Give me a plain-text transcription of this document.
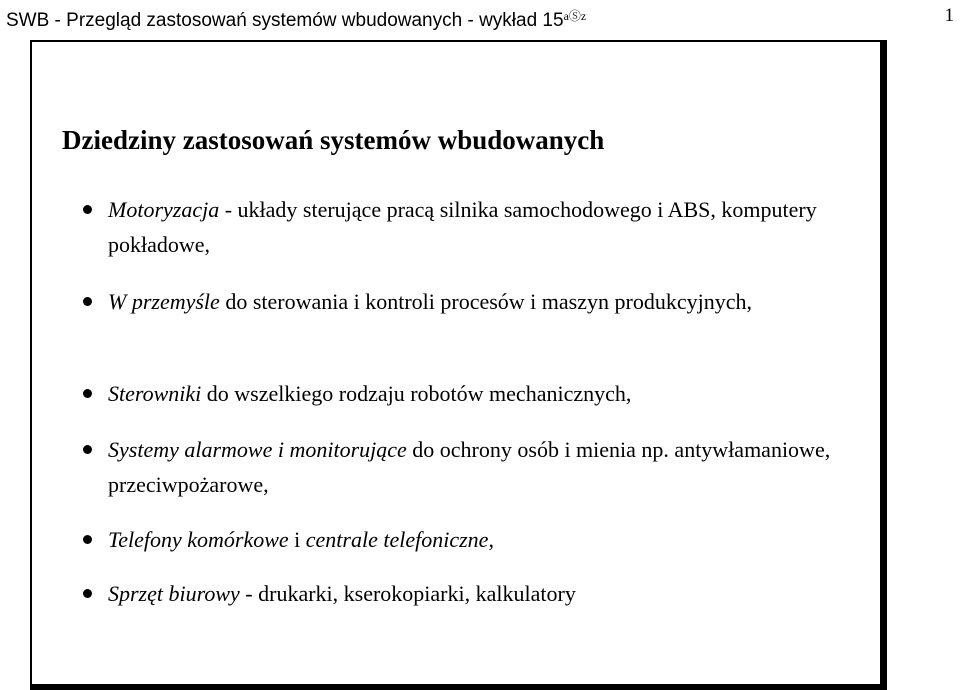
SWB - Przegląd zastosowań systemów wbudowanych - wykład $15^{aⓈz}$	1
Dziedziny zastosowań systemów wbudowanych
Motoryzacja - układy sterujące pracą silnika samochodowego i ABS, komputery pokładowe,
W przemyśle do sterowania i kontroli procesów i maszyn produkcyjnych,
Sterowniki do wszelkiego rodzaju robotów mechanicznych,
Systemy alarmowe i monitorujące do ochrony osób i mienia np. antywłamaniowe, przeciwpożarowe,
Telefony komórkowe i centrale telefoniczne,
Sprzęt biurowy - drukarki, kserokopiarki, kalkulatory
